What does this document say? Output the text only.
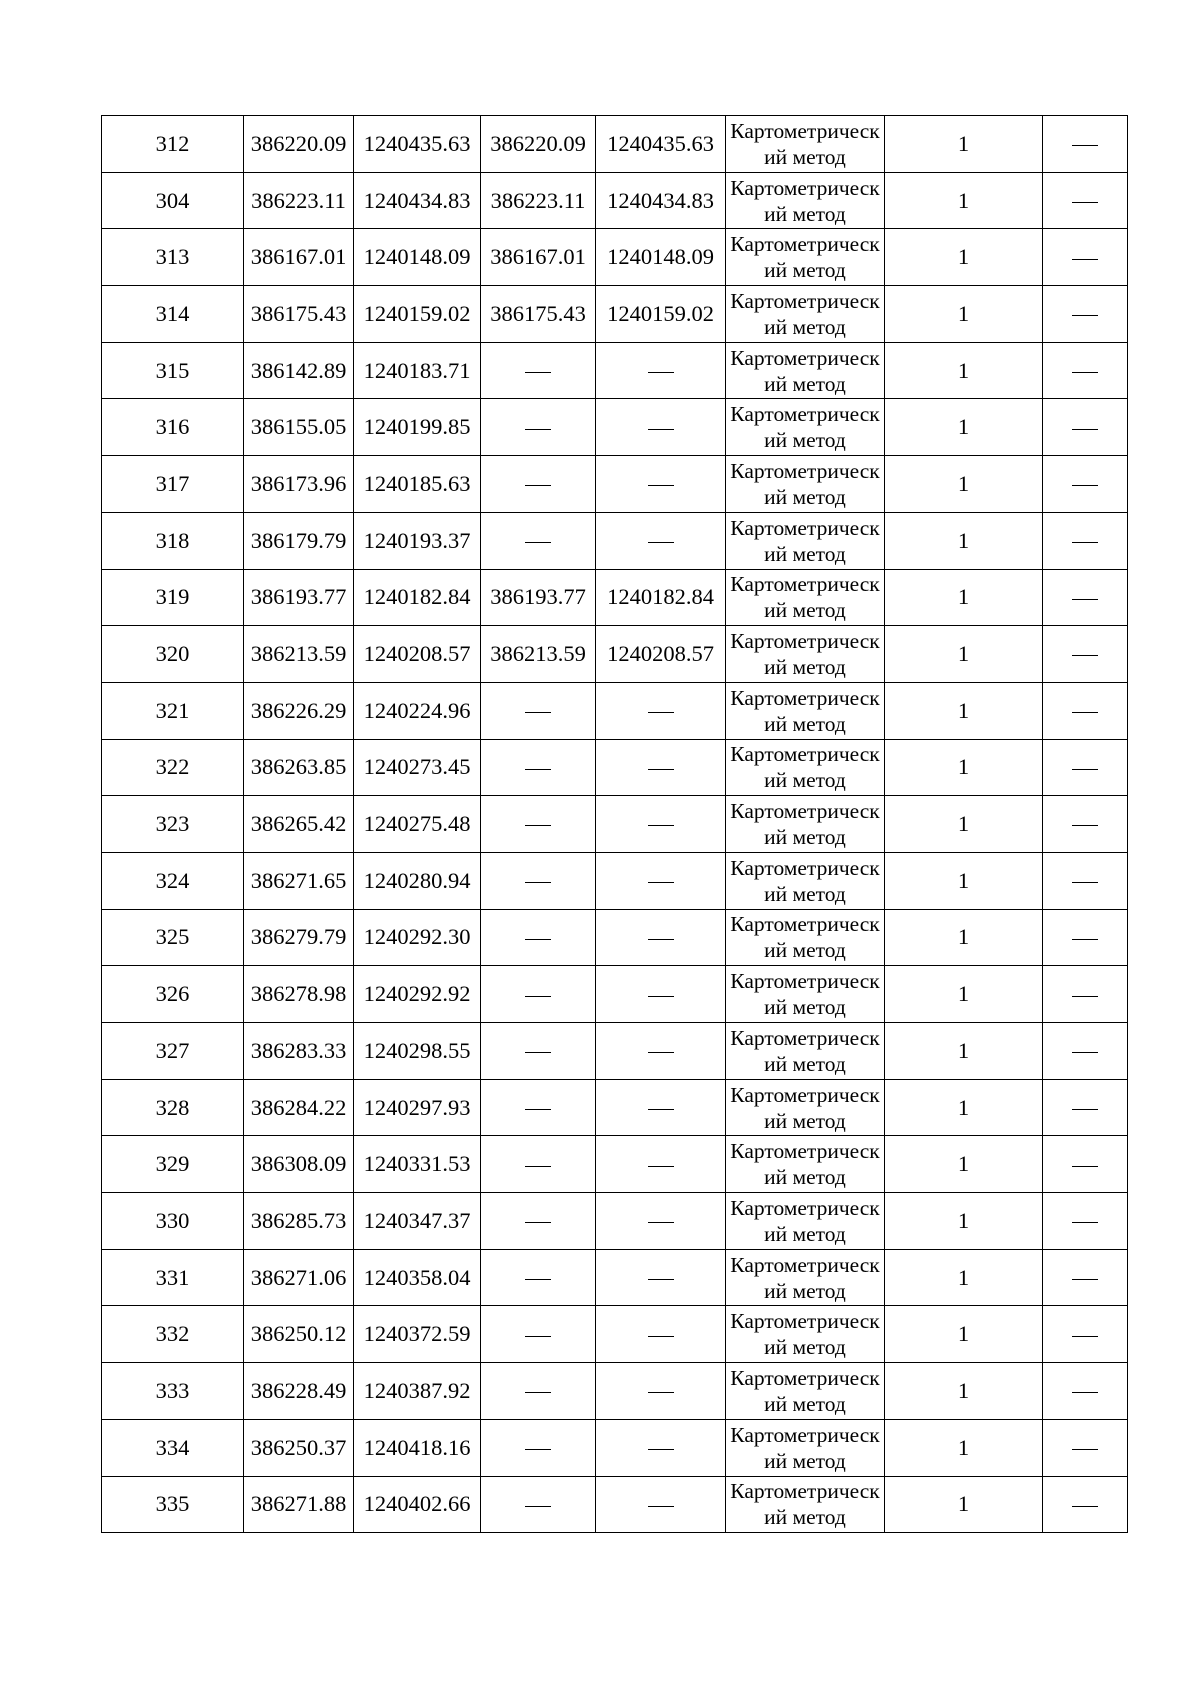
312	386220.09	1240435.63	386220.09	1240435.63	Картометрический метод	1	
304	386223.11	1240434.83	386223.11	1240434.83	Картометрический метод	1	
313	386167.01	1240148.09	386167.01	1240148.09	Картометрический метод	1	
314	386175.43	1240159.02	386175.43	1240159.02	Картометрический метод	1	
315	386142.89	1240183.71			Картометрический метод	1	
316	386155.05	1240199.85			Картометрический метод	1	
317	386173.96	1240185.63			Картометрический метод	1	
318	386179.79	1240193.37			Картометрический метод	1	
319	386193.77	1240182.84	386193.77	1240182.84	Картометрический метод	1	
320	386213.59	1240208.57	386213.59	1240208.57	Картометрический метод	1	
321	386226.29	1240224.96			Картометрический метод	1	
322	386263.85	1240273.45			Картометрический метод	1	
323	386265.42	1240275.48			Картометрический метод	1	
324	386271.65	1240280.94			Картометрический метод	1	
325	386279.79	1240292.30			Картометрический метод	1	
326	386278.98	1240292.92			Картометрический метод	1	
327	386283.33	1240298.55			Картометрический метод	1	
328	386284.22	1240297.93			Картометрический метод	1	
329	386308.09	1240331.53			Картометрический метод	1	
330	386285.73	1240347.37			Картометрический метод	1	
331	386271.06	1240358.04			Картометрический метод	1	
332	386250.12	1240372.59			Картометрический метод	1	
333	386228.49	1240387.92			Картометрический метод	1	
334	386250.37	1240418.16			Картометрический метод	1	
335	386271.88	1240402.66			Картометрический метод	1	
